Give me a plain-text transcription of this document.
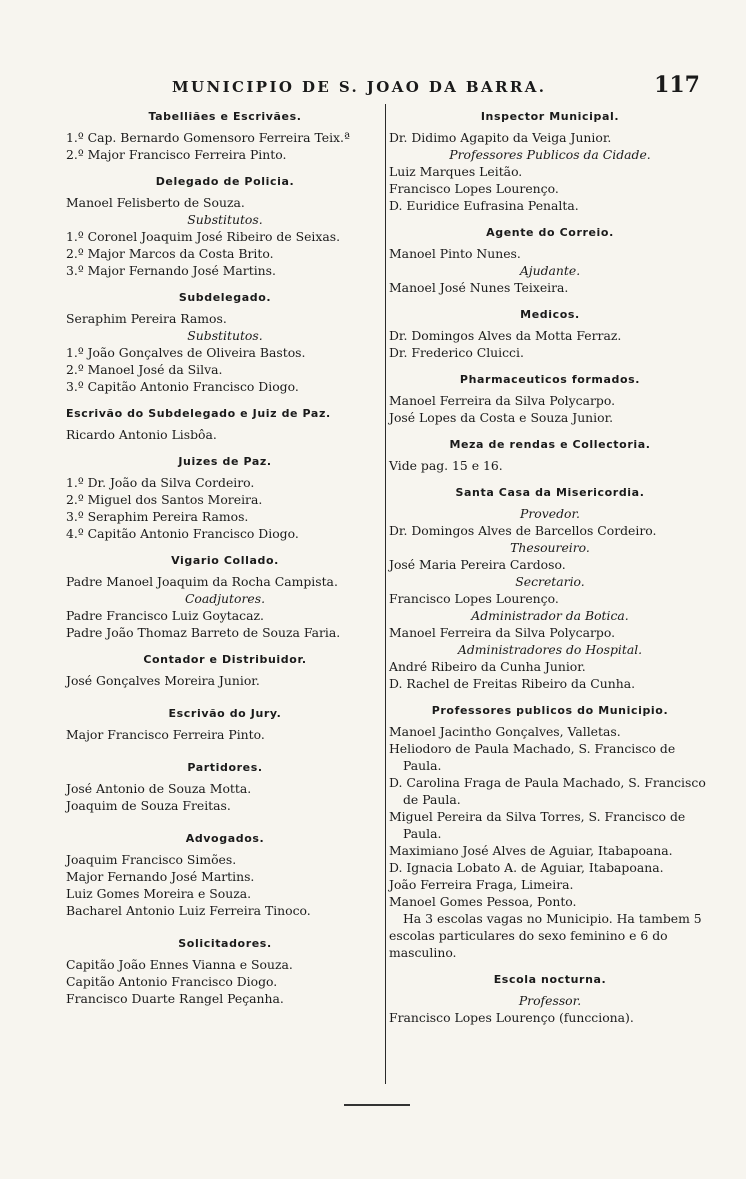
MUNICIPIO DE S. JOAO DA BARRA.	117
Tabelliães e Escrivães.
1.º Cap. Bernardo Gomensoro Ferreira Teix.ª
2.º Major Francisco Ferreira Pinto.
Delegado de Policia.
Manoel Felisberto de Souza.
Substitutos.
1.º Coronel Joaquim José Ribeiro de Seixas.
2.º Major Marcos da Costa Brito.
3.º Major Fernando José Martins.
Subdelegado.
Seraphim Pereira Ramos.
Substitutos.
1.º João Gonçalves de Oliveira Bastos.
2.º Manoel José da Silva.
3.º Capitão Antonio Francisco Diogo.
Escrivão do Subdelegado e Juiz de Paz.
Ricardo Antonio Lisbôa.
Juizes de Paz.
1.º Dr. João da Silva Cordeiro.
2.º Miguel dos Santos Moreira.
3.º Seraphim Pereira Ramos.
4.º Capitão Antonio Francisco Diogo.
Vigario Collado.
Padre Manoel Joaquim da Rocha Campista.
Coadjutores.
Padre Francisco Luiz Goytacaz.
Padre João Thomaz Barreto de Souza Faria.
Contador e Distribuidor.
José Gonçalves Moreira Junior.
Escrivão do Jury.
Major Francisco Ferreira Pinto.
Partidores.
José Antonio de Souza Motta.
Joaquim de Souza Freitas.
Advogados.
Joaquim Francisco Simões.
Major Fernando José Martins.
Luiz Gomes Moreira e Souza.
Bacharel Antonio Luiz Ferreira Tinoco.
Solicitadores.
Capitão João Ennes Vianna e Souza.
Capitão Antonio Francisco Diogo.
Francisco Duarte Rangel Peçanha.
Inspector Municipal.
Dr. Didimo Agapito da Veiga Junior.
Professores Publicos da Cidade.
Luiz Marques Leitão.
Francisco Lopes Lourenço.
D. Euridice Eufrasina Penalta.
Agente do Correio.
Manoel Pinto Nunes.
Ajudante.
Manoel José Nunes Teixeira.
Medicos.
Dr. Domingos Alves da Motta Ferraz.
Dr. Frederico Cluicci.
Pharmaceuticos formados.
Manoel Ferreira da Silva Polycarpo.
José Lopes da Costa e Souza Junior.
Meza de rendas e Collectoria.
Vide pag. 15 e 16.
Santa Casa da Misericordia.
Provedor.
Dr. Domingos Alves de Barcellos Cordeiro.
Thesoureiro.
José Maria Pereira Cardoso.
Secretario.
Francisco Lopes Lourenço.
Administrador da Botica.
Manoel Ferreira da Silva Polycarpo.
Administradores do Hospital.
André Ribeiro da Cunha Junior.
D. Rachel de Freitas Ribeiro da Cunha.
Professores publicos do Municipio.
Manoel Jacintho Gonçalves, Valletas.
Heliodoro de Paula Machado, S. Francisco de Paula.
D. Carolina Fraga de Paula Machado, S. Francisco de Paula.
Miguel Pereira da Silva Torres, S. Francisco de Paula.
Maximiano José Alves de Aguiar, Itabapoana.
D. Ignacia Lobato A. de Aguiar, Itabapoana.
João Ferreira Fraga, Limeira.
Manoel Gomes Pessoa, Ponto.
Ha 3 escolas vagas no Municipio. Ha tambem 5 escolas particulares do sexo feminino e 6 do masculino.
Escola nocturna.
Professor.
Francisco Lopes Lourenço (funcciona).
